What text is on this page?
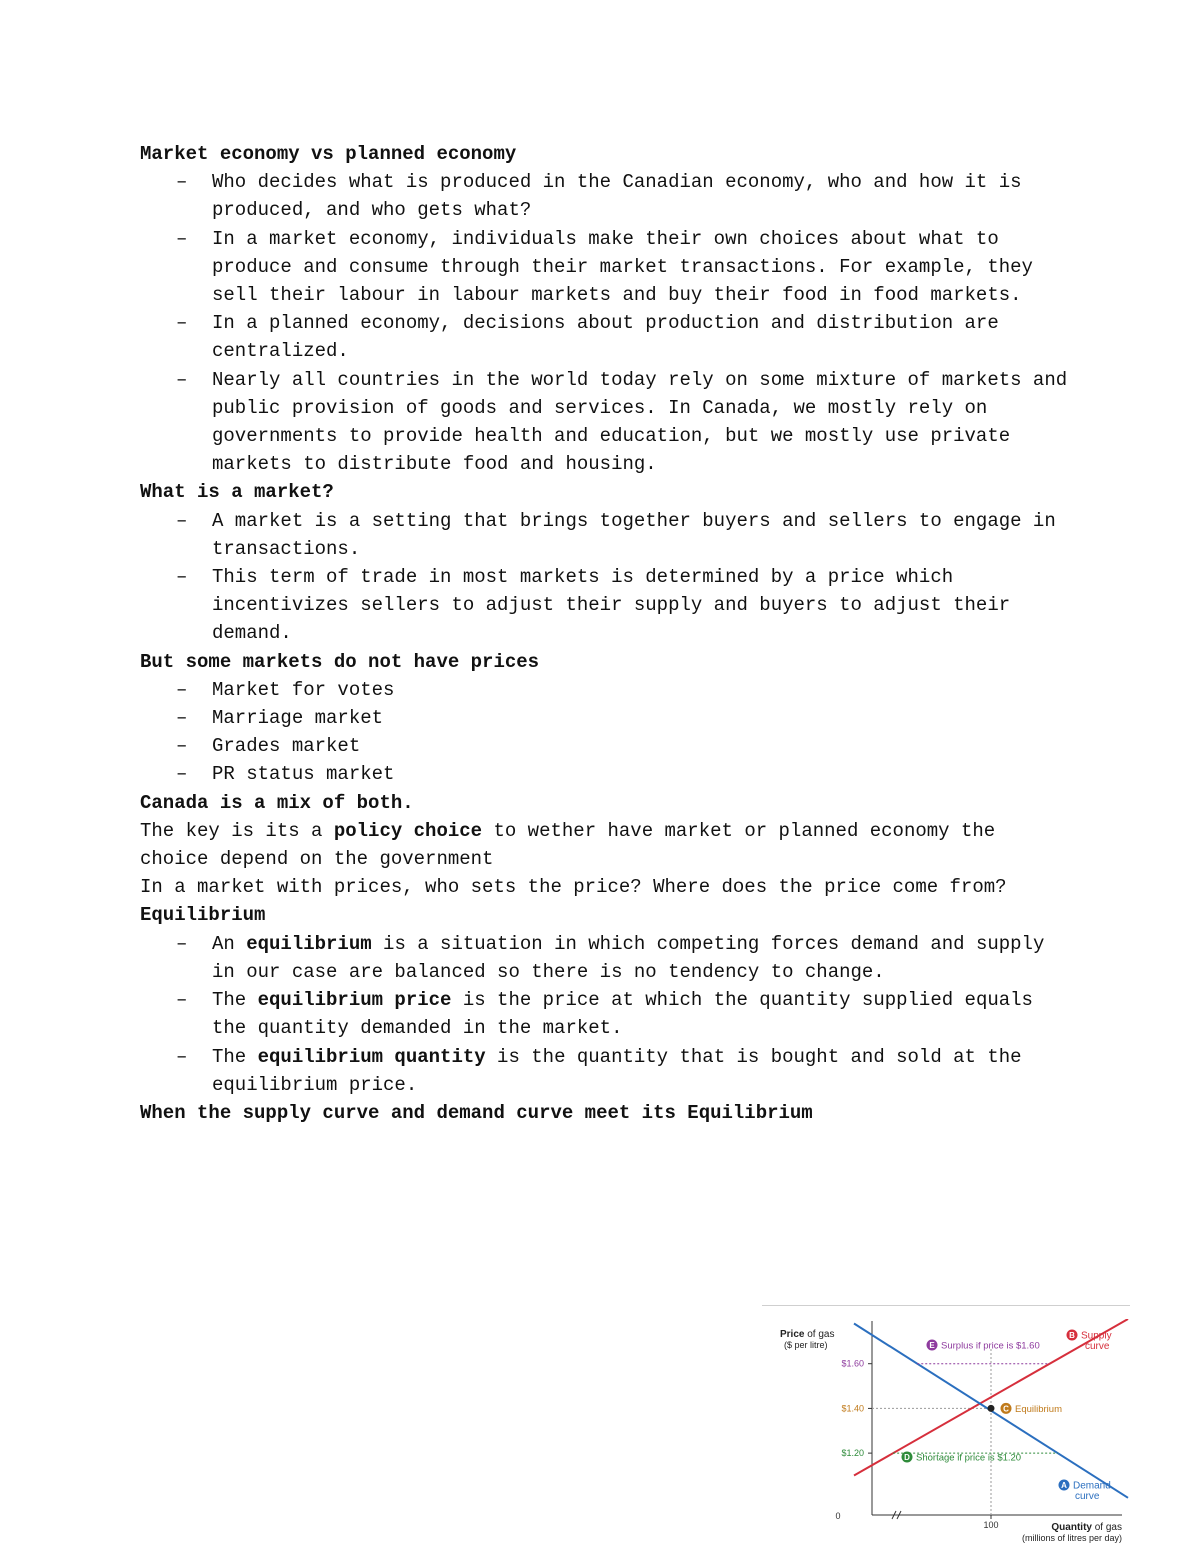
Market economy vs planned economy
– Who decides what is produced in the Canadian economy, who and how it is produced, and who gets what?
– In a market economy, individuals make their own choices about what to produce and consume through their market transactions. For example, they sell their labour in labour markets and buy their food in food markets.
– In a planned economy, decisions about production and distribution are centralized.
– Nearly all countries in the world today rely on some mixture of markets and public provision of goods and services. In Canada, we mostly rely on governments to provide health and education, but we mostly use private markets to distribute food and housing.
What is a market?
– A market is a setting that brings together buyers and sellers to engage in transactions.
– This term of trade in most markets is determined by a price which incentivizes sellers to adjust their supply and buyers to adjust their demand.
But some markets do not have prices
– Market for votes
– Marriage market
– Grades market
– PR status market
Canada is a mix of both.

The key is its a policy choice to wether have market or planned economy the choice depend on the government

In a market with prices, who sets the price? Where does the price come from?

Equilibrium
– An equilibrium is a situation in which competing forces demand and supply in our case are balanced so there is no tendency to change.
– The equilibrium price is the price at which the quantity supplied equals the quantity demanded in the market.
– The equilibrium quantity is the quantity that is bought and sold at the equilibrium price.
When the supply curve and demand curve meet its Equilibrium
Price of gas
($ per litre)
Quantity of gas
(millions of litres per day)
0
$1.60
$1.40
$1.20
100
C Equilibrium
E Surplus if price is $1.60
D Shortage if price is $1.20
B Supply
curve
A Demand
curve
